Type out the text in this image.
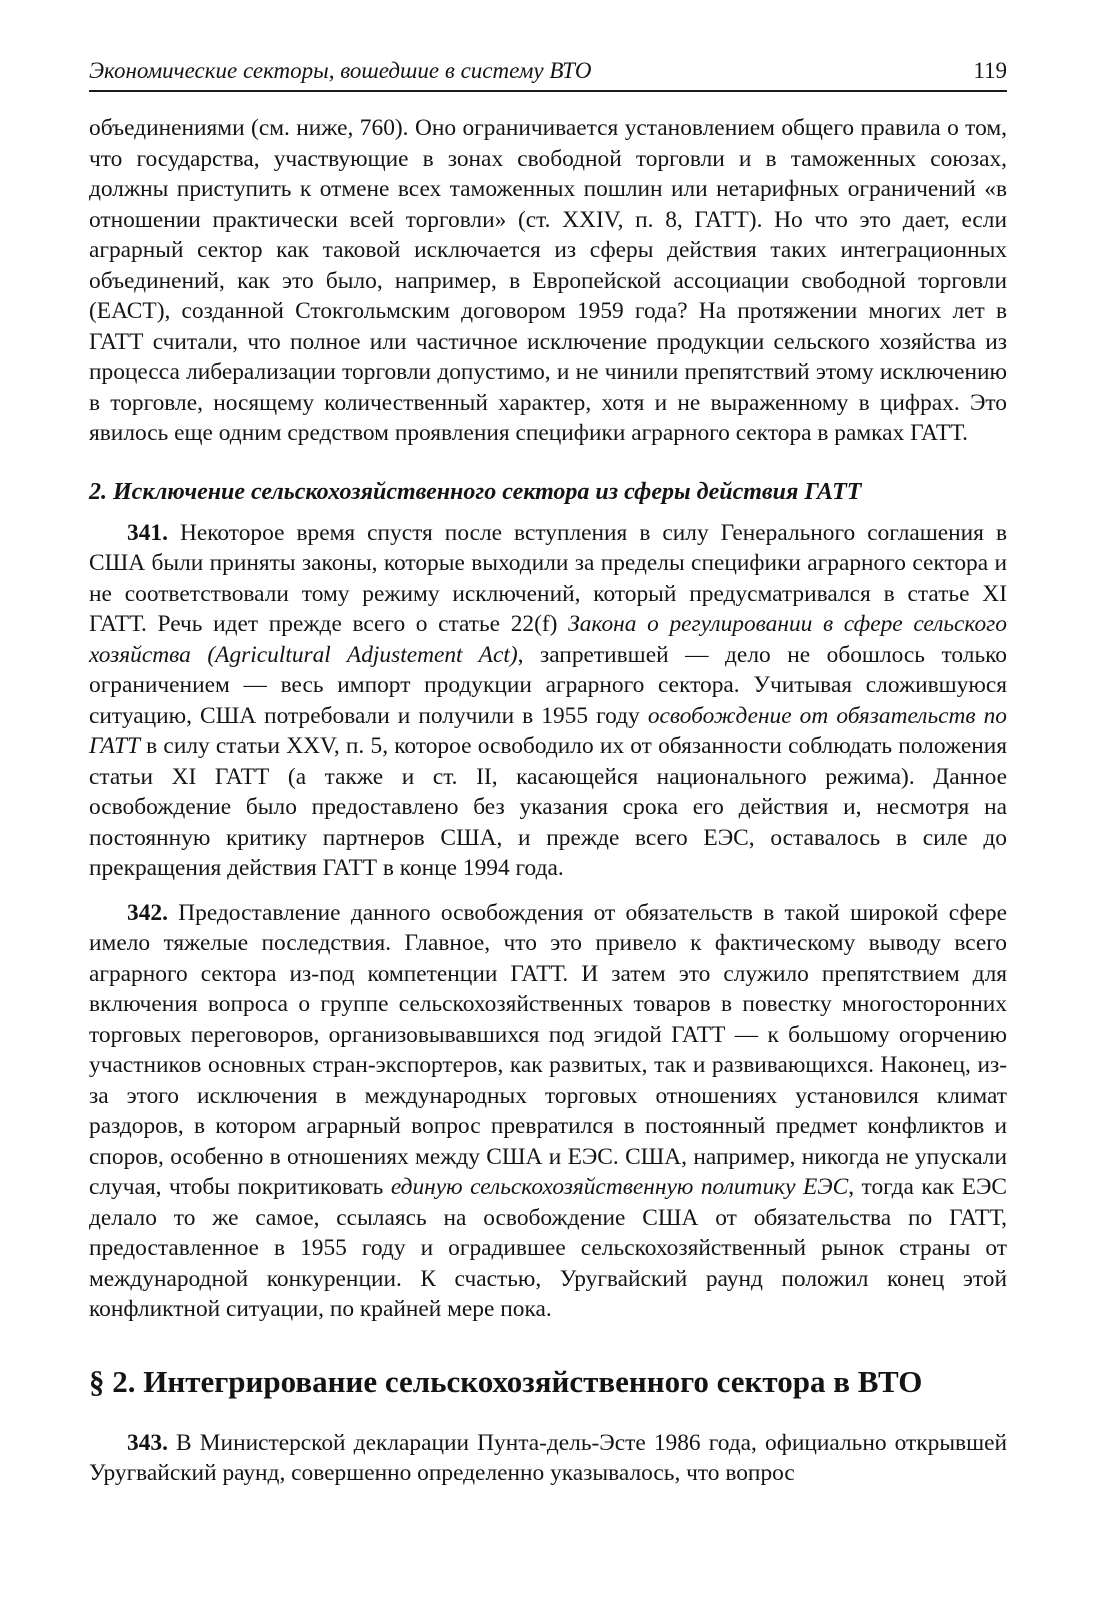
Экономические секторы, вошедшие в систему ВТО	119

объединениями (см. ниже, 760). Оно ограничивается установлением общего правила о том, что государства, участвующие в зонах свободной торговли и в таможенных союзах, должны приступить к отмене всех таможенных пошлин или нетарифных ограничений «в отношении практически всей торговли» (ст. XXIV, п. 8, ГАТТ). Но что это дает, если аграрный сектор как таковой исключается из сферы действия таких интеграционных объединений, как это было, например, в Европейской ассоциации свободной торговли (ЕАСТ), созданной Стокгольмским договором 1959 года? На протяжении многих лет в ГАТТ считали, что полное или частичное исключение продукции сельского хозяйства из процесса либерализации торговли допустимо, и не чинили препятствий этому исключению в торговле, носящему количественный характер, хотя и не выраженному в цифрах. Это явилось еще одним средством проявления специфики аграрного сектора в рамках ГАТТ.

2. Исключение сельскохозяйственного сектора из сферы действия ГАТТ

341. Некоторое время спустя после вступления в силу Генерального соглашения в США были приняты законы, которые выходили за пределы специфики аграрного сектора и не соответствовали тому режиму исключений, который предусматривался в статье XI ГАТТ. Речь идет прежде всего о статье 22(f) Закона о регулировании в сфере сельского хозяйства (Agricultural Adjustement Act), запретившей — дело не обошлось только ограничением — весь импорт продукции аграрного сектора. Учитывая сложившуюся ситуацию, США потребовали и получили в 1955 году освобождение от обязательств по ГАТТ в силу статьи XXV, п. 5, которое освободило их от обязанности соблюдать положения статьи XI ГАТТ (а также и ст. II, касающейся национального режима). Данное освобождение было предоставлено без указания срока его действия и, несмотря на постоянную критику партнеров США, и прежде всего ЕЭС, оставалось в силе до прекращения действия ГАТТ в конце 1994 года.

342. Предоставление данного освобождения от обязательств в такой широкой сфере имело тяжелые последствия. Главное, что это привело к фактическому выводу всего аграрного сектора из-под компетенции ГАТТ. И затем это служило препятствием для включения вопроса о группе сельскохозяйственных товаров в повестку многосторонних торговых переговоров, организовывавшихся под эгидой ГАТТ — к большому огорчению участников основных стран-экспортеров, как развитых, так и развивающихся. Наконец, из-за этого исключения в международных торговых отношениях установился климат раздоров, в котором аграрный вопрос превратился в постоянный предмет конфликтов и споров, особенно в отношениях между США и ЕЭС. США, например, никогда не упускали случая, чтобы покритиковать единую сельскохозяйственную политику ЕЭС, тогда как ЕЭС делало то же самое, ссылаясь на освобождение США от обязательства по ГАТТ, предоставленное в 1955 году и оградившее сельскохозяйственный рынок страны от международной конкуренции. К счастью, Уругвайский раунд положил конец этой конфликтной ситуации, по крайней мере пока.

§ 2. Интегрирование сельскохозяйственного сектора в ВТО

343. В Министерской декларации Пунта-дель-Эсте 1986 года, официально открывшей Уругвайский раунд, совершенно определенно указывалось, что вопрос
